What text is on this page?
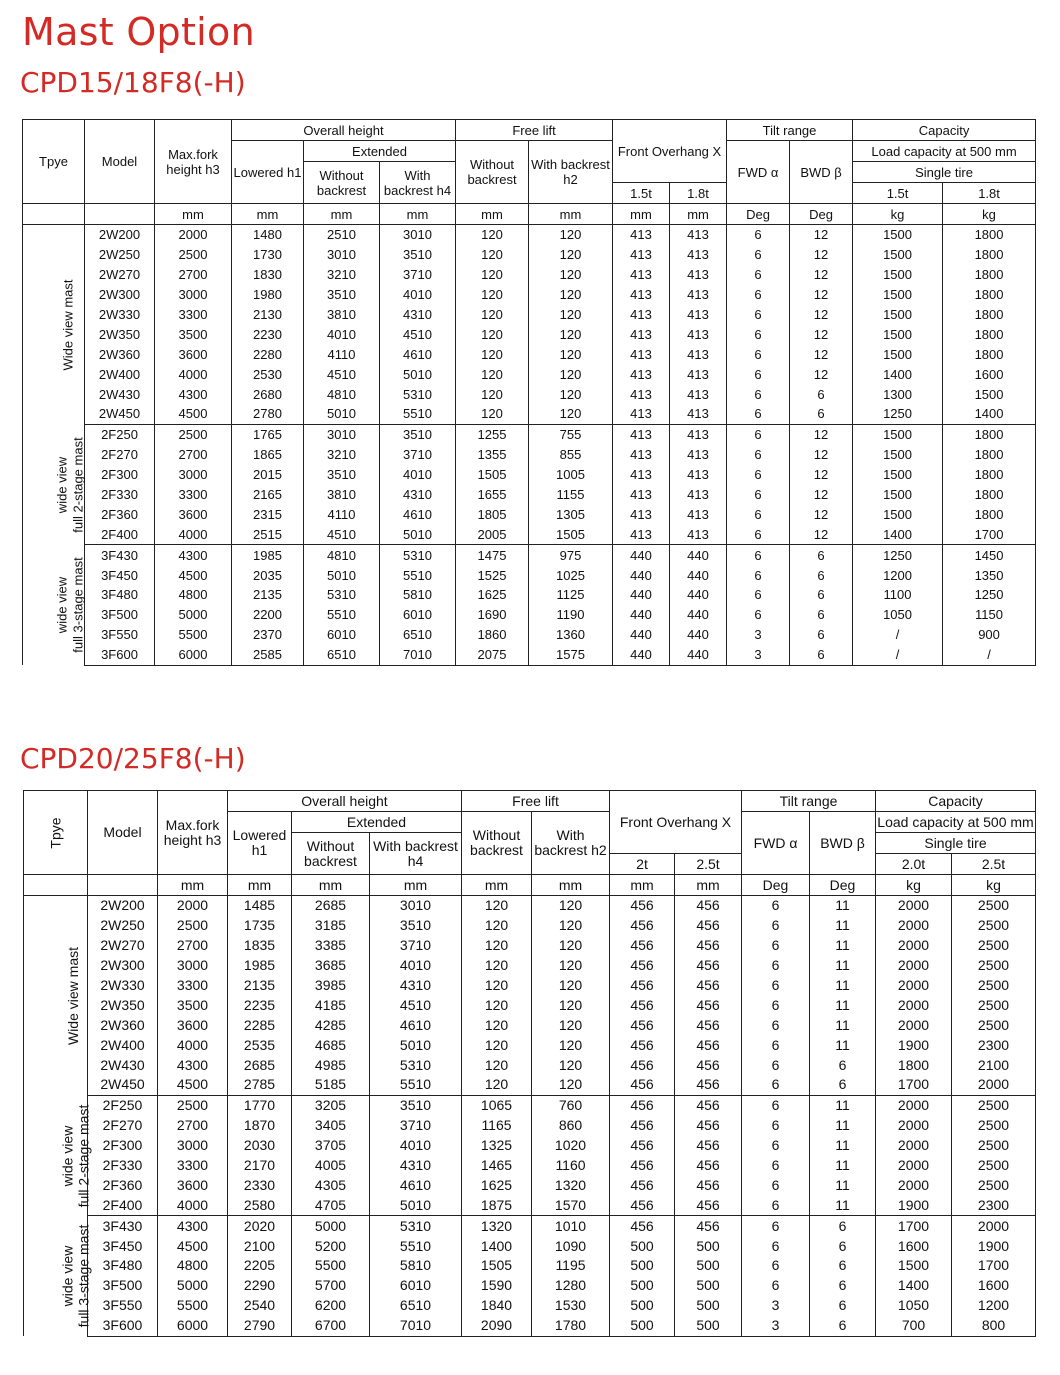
Mast Option
CPD15/18F8(-H)
Tpye	Model	Max.fork height h3	Overall height			Free lift		Front Overhang X		Tilt range		Capacity	
			Lowered h1	Extended		Without backrest	With backrest h2			FWD α	BWD β	Load capacity at 500 mm	
				Without backrest	With backrest h4							Single tire	
								1.5t	1.8t			1.5t	1.8t
		mm	mm	mm	mm	mm	mm	mm	mm	Deg	Deg	kg	kg
Wide view mast	2W200	2000	1480	2510	3010	120	120	413	413	6	12	1500	1800
	2W250	2500	1730	3010	3510	120	120	413	413	6	12	1500	1800
	2W270	2700	1830	3210	3710	120	120	413	413	6	12	1500	1800
	2W300	3000	1980	3510	4010	120	120	413	413	6	12	1500	1800
	2W330	3300	2130	3810	4310	120	120	413	413	6	12	1500	1800
	2W350	3500	2230	4010	4510	120	120	413	413	6	12	1500	1800
	2W360	3600	2280	4110	4610	120	120	413	413	6	12	1500	1800
	2W400	4000	2530	4510	5010	120	120	413	413	6	12	1400	1600
	2W430	4300	2680	4810	5310	120	120	413	413	6	6	1300	1500
	2W450	4500	2780	5010	5510	120	120	413	413	6	6	1250	1400
wide view
full 2-stage mast	2F250	2500	1765	3010	3510	1255	755	413	413	6	12	1500	1800
	2F270	2700	1865	3210	3710	1355	855	413	413	6	12	1500	1800
	2F300	3000	2015	3510	4010	1505	1005	413	413	6	12	1500	1800
	2F330	3300	2165	3810	4310	1655	1155	413	413	6	12	1500	1800
	2F360	3600	2315	4110	4610	1805	1305	413	413	6	12	1500	1800
	2F400	4000	2515	4510	5010	2005	1505	413	413	6	12	1400	1700
wide view
full 3-stage mast	3F430	4300	1985	4810	5310	1475	975	440	440	6	6	1250	1450
	3F450	4500	2035	5010	5510	1525	1025	440	440	6	6	1200	1350
	3F480	4800	2135	5310	5810	1625	1125	440	440	6	6	1100	1250
	3F500	5000	2200	5510	6010	1690	1190	440	440	6	6	1050	1150
	3F550	5500	2370	6010	6510	1860	1360	440	440	3	6	/	900
	3F600	6000	2585	6510	7010	2075	1575	440	440	3	6	/	/
CPD20/25F8(-H)
Tpye	Model	Max.fork height h3	Overall height			Free lift		Front Overhang X		Tilt range		Capacity	
			Lowered h1	Extended		Without backrest	With backrest h2			FWD α	BWD β	Load capacity at 500 mm	
				Without backrest	With backrest h4							Single tire	
								2t	2.5t			2.0t	2.5t
		mm	mm	mm	mm	mm	mm	mm	mm	Deg	Deg	kg	kg
Wide view mast	2W200	2000	1485	2685	3010	120	120	456	456	6	11	2000	2500
	2W250	2500	1735	3185	3510	120	120	456	456	6	11	2000	2500
	2W270	2700	1835	3385	3710	120	120	456	456	6	11	2000	2500
	2W300	3000	1985	3685	4010	120	120	456	456	6	11	2000	2500
	2W330	3300	2135	3985	4310	120	120	456	456	6	11	2000	2500
	2W350	3500	2235	4185	4510	120	120	456	456	6	11	2000	2500
	2W360	3600	2285	4285	4610	120	120	456	456	6	11	2000	2500
	2W400	4000	2535	4685	5010	120	120	456	456	6	11	1900	2300
	2W430	4300	2685	4985	5310	120	120	456	456	6	6	1800	2100
	2W450	4500	2785	5185	5510	120	120	456	456	6	6	1700	2000
wide view
full 2-stage mast	2F250	2500	1770	3205	3510	1065	760	456	456	6	11	2000	2500
	2F270	2700	1870	3405	3710	1165	860	456	456	6	11	2000	2500
	2F300	3000	2030	3705	4010	1325	1020	456	456	6	11	2000	2500
	2F330	3300	2170	4005	4310	1465	1160	456	456	6	11	2000	2500
	2F360	3600	2330	4305	4610	1625	1320	456	456	6	11	2000	2500
	2F400	4000	2580	4705	5010	1875	1570	456	456	6	11	1900	2300
wide view
full 3-stage mast	3F430	4300	2020	5000	5310	1320	1010	456	456	6	6	1700	2000
	3F450	4500	2100	5200	5510	1400	1090	500	500	6	6	1600	1900
	3F480	4800	2205	5500	5810	1505	1195	500	500	6	6	1500	1700
	3F500	5000	2290	5700	6010	1590	1280	500	500	6	6	1400	1600
	3F550	5500	2540	6200	6510	1840	1530	500	500	3	6	1050	1200
	3F600	6000	2790	6700	7010	2090	1780	500	500	3	6	700	800
